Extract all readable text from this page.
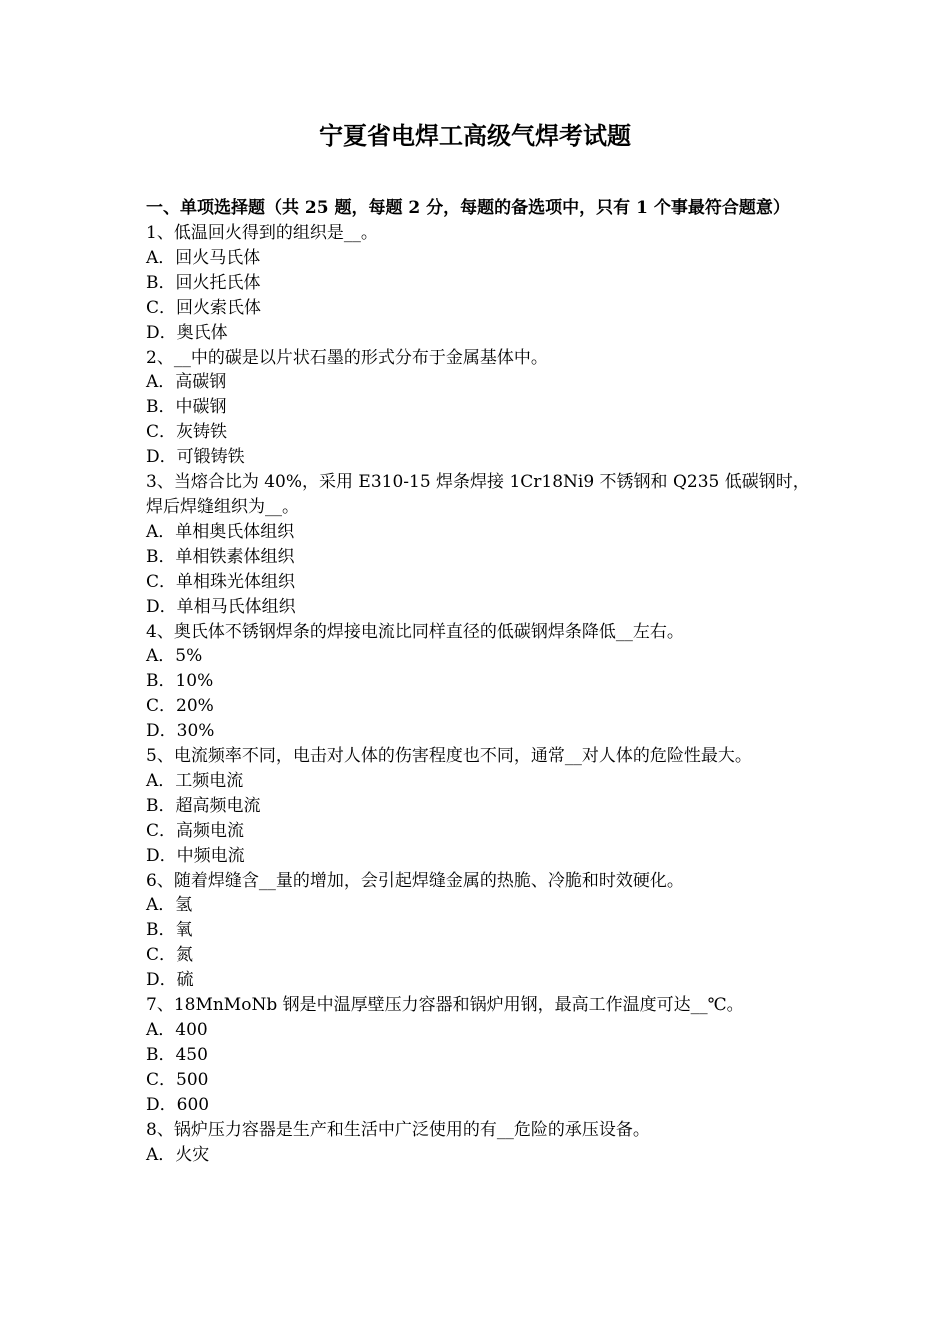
宁夏省电焊工高级气焊考试题
一、单项选择题（共 25 题，每题 2 分，每题的备选项中，只有 1 个事最符合题意）
1、低温回火得到的组织是__。
A．回火马氏体
B．回火托氏体
C．回火索氏体
D．奥氏体
2、__中的碳是以片状石墨的形式分布于金属基体中。
A．高碳钢
B．中碳钢
C．灰铸铁
D．可锻铸铁
3、当熔合比为 40%，采用 E310-15 焊条焊接 1Cr18Ni9 不锈钢和 Q235 低碳钢时，
焊后焊缝组织为__。
A．单相奥氏体组织
B．单相铁素体组织
C．单相珠光体组织
D．单相马氏体组织
4、奥氏体不锈钢焊条的焊接电流比同样直径的低碳钢焊条降低__左右。
A．5%
B．10%
C．20%
D．30%
5、电流频率不同，电击对人体的伤害程度也不同，通常__对人体的危险性最大。
A．工频电流
B．超高频电流
C．高频电流
D．中频电流
6、随着焊缝含__量的增加，会引起焊缝金属的热脆、冷脆和时效硬化。
A．氢
B．氧
C．氮
D．硫
7、18MnMoNb 钢是中温厚壁压力容器和锅炉用钢，最高工作温度可达__℃。
A．400
B．450
C．500
D．600
8、锅炉压力容器是生产和生活中广泛使用的有__危险的承压设备。
A．火灾
